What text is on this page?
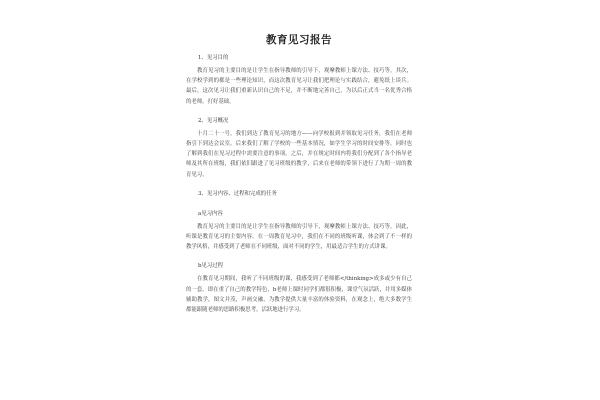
教育见习报告
1、见习目的
教育见习的主要目的是让学生在指导教师的引导下，观摩教师上课方法、技巧等。其次，在学校学到的都是一些理论知识，而这次教育见习让我们把理论与实践结合，避免纸上谈兵。最后，这次见习让我们重新认识自己的不足，并不断地完善自己，为以后正式当一名优秀合格的老师，打好基础。
2、见习概况
十月二十一号，我们到达了教育见习的地方——向学校报到并领取见习任务，我们在老师指引下到达会议室。后来我们了解了学校的一些基本情况，如学生学习的时间安排等。同时也了解到我们在见习过程中需要注意的事项。之后，并在规定时间内将我们分配到了各个指导老师及其所在班级，我们依旧跟进了见习班级的教学，后来在老师的带领下进行了为期一周的教育见习。
3、见习内容、过程和完成的任务
a见习内容
教育见习的主要目的是让学生在指导教师的引导下，观摩教师上课方法、技巧等。因此，听课是教育见习的主要内容。在一周教育见习中，我们在不同的班级听课，体会到了不一样的教学风格，并感受到了老师在不同班级，面对不同的学生，用最适合学生的方式讲课。
b见习过程
在教育见习期间，我听了不同班级的课，我感受到了老师都</thinking>成多或少有自己的一套。即在重了自己的教学特色，b老师上课时同学们都很积极，课堂气氛活跃，并用多媒体辅助教学，图文并茂，声画交融，为教学提供大量丰富的体验资料，在观念上，绝大多数学生都能跟随老师的思路积极思考，活跃地进行学习。
